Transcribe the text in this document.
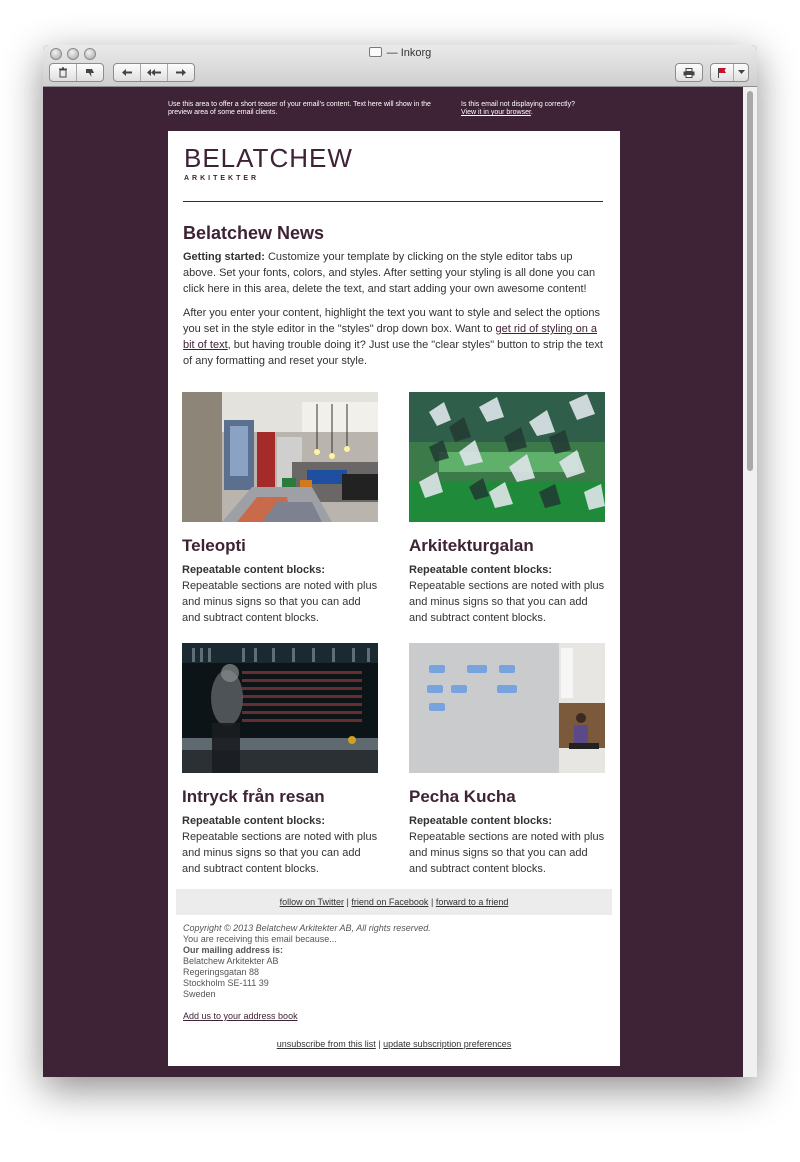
— Inkorg
Use this area to offer a short teaser of your email's content. Text here will show in the preview area of some email clients.
Is this email not displaying correctly?
View it in your browser.
BELATCHEW
ARKITEKTER
Belatchew News
Getting started: Customize your template by clicking on the style editor tabs up above. Set your fonts, colors, and styles. After setting your styling is all done you can click here in this area, delete the text, and start adding your own awesome content!
After you enter your content, highlight the text you want to style and select the options you set in the style editor in the "styles" drop down box. Want to get rid of styling on a bit of text, but having trouble doing it? Just use the "clear styles" button to strip the text of any formatting and reset your style.
Teleopti
Repeatable content blocks: Repeatable sections are noted with plus and minus signs so that you can add and subtract content blocks.
Arkitekturgalan
Repeatable content blocks: Repeatable sections are noted with plus and minus signs so that you can add and subtract content blocks.
Intryck från resan
Repeatable content blocks: Repeatable sections are noted with plus and minus signs so that you can add and subtract content blocks.
Pecha Kucha
Repeatable content blocks: Repeatable sections are noted with plus and minus signs so that you can add and subtract content blocks.
follow on Twitter | friend on Facebook | forward to a friend
Copyright © 2013 Belatchew Arkitekter AB, All rights reserved.
You are receiving this email because...
Our mailing address is:
Belatchew Arkitekter AB
Regeringsgatan 88
Stockholm SE-111 39
Sweden
Add us to your address book
unsubscribe from this list | update subscription preferences
